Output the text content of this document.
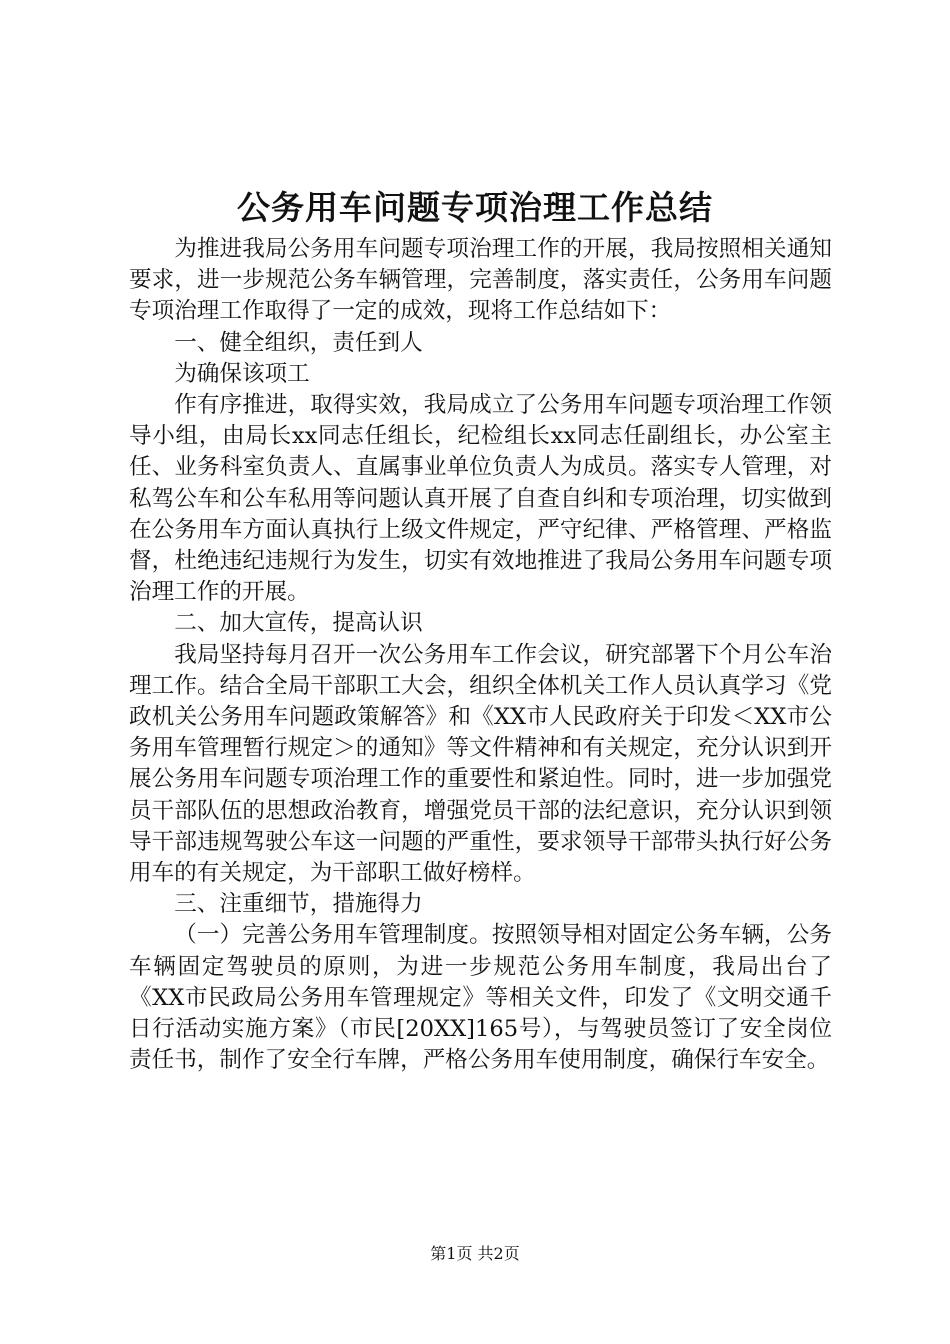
公务用车问题专项治理工作总结

为推进我局公务用车问题专项治理工作的开展，我局按照相关通知要求，进一步规范公务车辆管理，完善制度，落实责任，公务用车问题专项治理工作取得了一定的成效，现将工作总结如下：

一、健全组织，责任到人

为确保该项工

作有序推进，取得实效，我局成立了公务用车问题专项治理工作领导小组，由局长xx同志任组长，纪检组长xx同志任副组长，办公室主任、业务科室负责人、直属事业单位负责人为成员。落实专人管理，对私驾公车和公车私用等问题认真开展了自查自纠和专项治理，切实做到在公务用车方面认真执行上级文件规定，严守纪律、严格管理、严格监督，杜绝违纪违规行为发生，切实有效地推进了我局公务用车问题专项治理工作的开展。

二、加大宣传，提高认识

我局坚持每月召开一次公务用车工作会议，研究部署下个月公车治理工作。结合全局干部职工大会，组织全体机关工作人员认真学习《党政机关公务用车问题政策解答》和《XX市人民政府关于印发＜XX市公务用车管理暂行规定＞的通知》等文件精神和有关规定，充分认识到开展公务用车问题专项治理工作的重要性和紧迫性。同时，进一步加强党员干部队伍的思想政治教育，增强党员干部的法纪意识，充分认识到领导干部违规驾驶公车这一问题的严重性，要求领导干部带头执行好公务用车的有关规定，为干部职工做好榜样。

三、注重细节，措施得力

（一）完善公务用车管理制度。按照领导相对固定公务车辆，公务车辆固定驾驶员的原则，为进一步规范公务用车制度，我局出台了《XX市民政局公务用车管理规定》等相关文件，印发了《文明交通千日行活动实施方案》（市民[20XX]165号），与驾驶员签订了安全岗位责任书，制作了安全行车牌，严格公务用车使用制度，确保行车安全。

第1页 共2页
